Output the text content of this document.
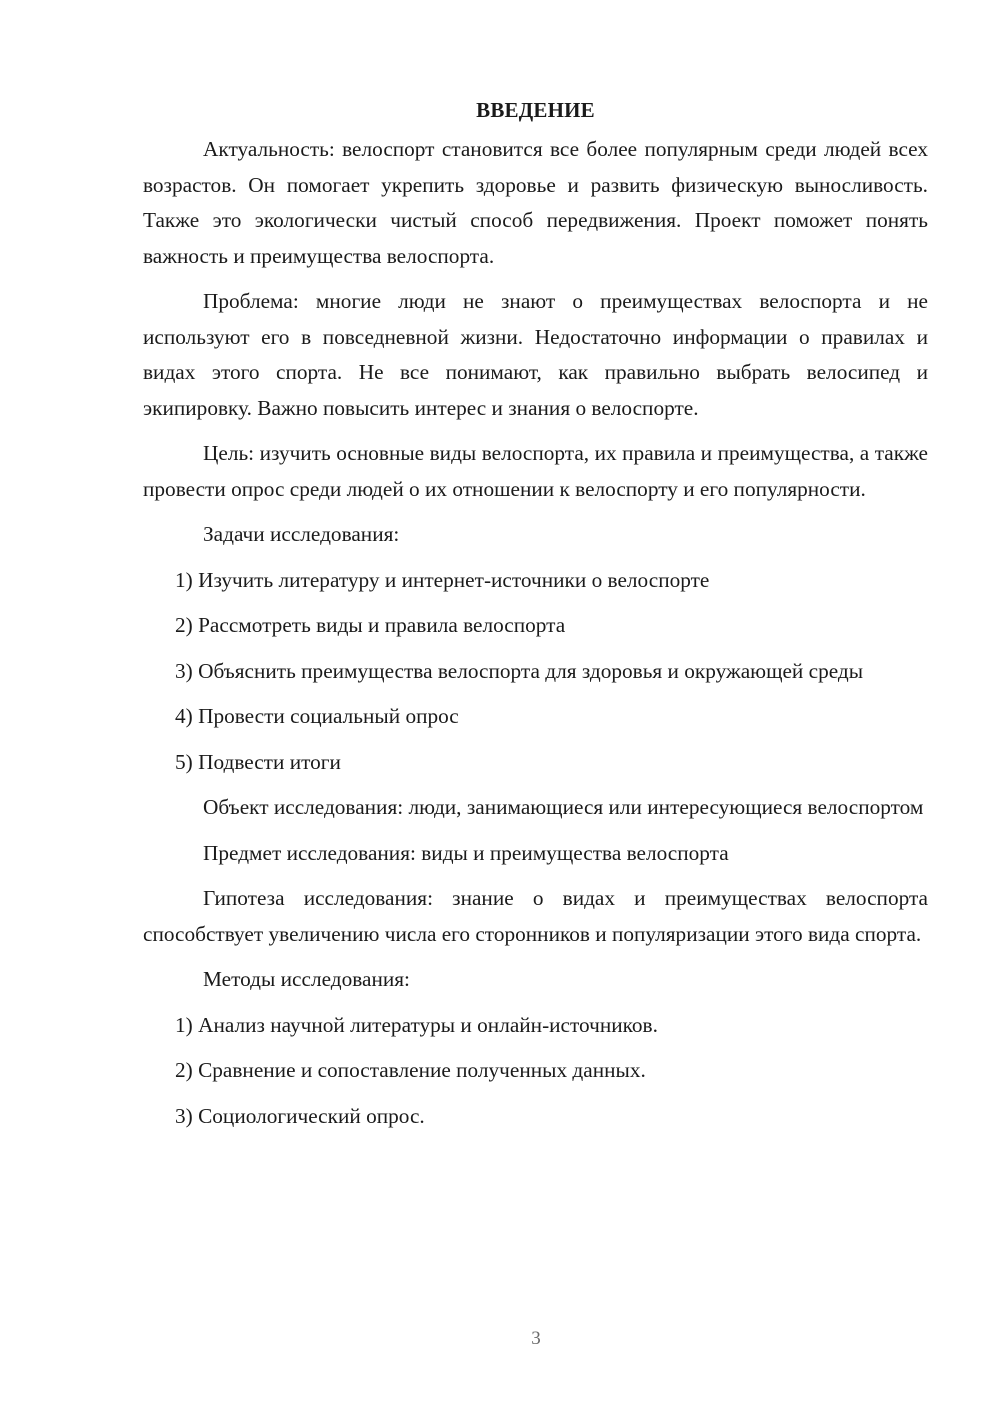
ВВЕДЕНИЕ

Актуальность: велоспорт становится все более популярным среди людей всех возрастов. Он помогает укрепить здоровье и развить физическую выносливость. Также это экологически чистый способ передвижения. Проект поможет понять важность и преимущества велоспорта.

Проблема: многие люди не знают о преимуществах велоспорта и не используют его в повседневной жизни. Недостаточно информации о правилах и видах этого спорта. Не все понимают, как правильно выбрать велосипед и экипировку. Важно повысить интерес и знания о велоспорте.

Цель: изучить основные виды велоспорта, их правила и преимущества, а также провести опрос среди людей о их отношении к велоспорту и его популярности.

Задачи исследования:

1) Изучить литературу и интернет-источники о велоспорте

2) Рассмотреть виды и правила велоспорта

3) Объяснить преимущества велоспорта для здоровья и окружающей среды

4) Провести социальный опрос

5) Подвести итоги

Объект исследования: люди, занимающиеся или интересующиеся велоспортом

Предмет исследования: виды и преимущества велоспорта

Гипотеза исследования: знание о видах и преимуществах велоспорта способствует увеличению числа его сторонников и популяризации этого вида спорта.

Методы исследования:

1) Анализ научной литературы и онлайн-источников.

2) Сравнение и сопоставление полученных данных.

3) Социологический опрос.

3
